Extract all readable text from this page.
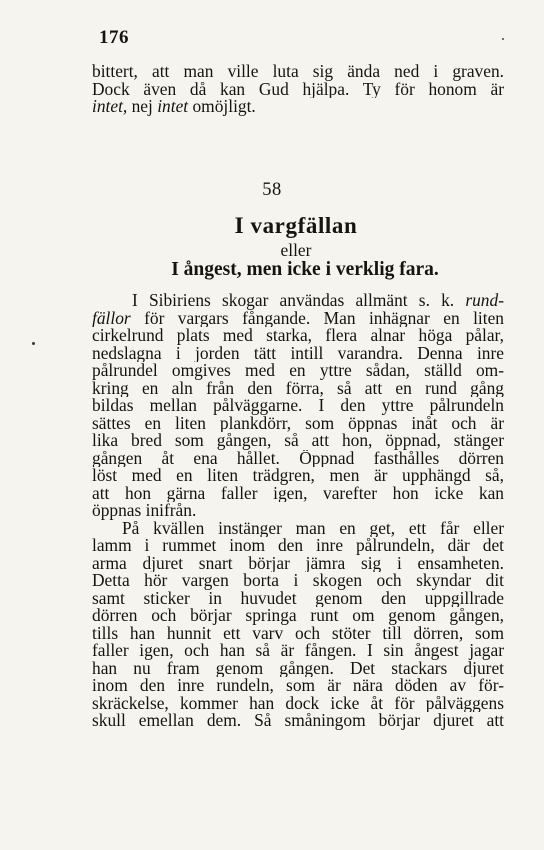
176
bittert, att man ville luta sig ända ned i graven.
Dock även då kan Gud hjälpa. Ty för honom är
intet, nej intet omöjligt.
58
I vargfällan
eller
I ångest, men icke i verklig fara.
I Sibiriens skogar användas allmänt s. k. rund-
fällor för vargars fångande. Man inhägnar en liten
cirkelrund plats med starka, flera alnar höga pålar,
nedslagna i jorden tätt intill varandra. Denna inre
pålrundel omgives med en yttre sådan, ställd om-
kring en aln från den förra, så att en rund gång
bildas mellan pålväggarne. I den yttre pålrundeln
sättes en liten plankdörr, som öppnas inåt och är
lika bred som gången, så att hon, öppnad, stänger
gången åt ena hållet. Öppnad fasthålles dörren
löst med en liten trädgren, men är upphängd så,
att hon gärna faller igen, varefter hon icke kan
öppnas inifrån.
På kvällen instänger man en get, ett får eller
lamm i rummet inom den inre pålrundeln, där det
arma djuret snart börjar jämra sig i ensamheten.
Detta hör vargen borta i skogen och skyndar dit
samt sticker in huvudet genom den uppgillrade
dörren och börjar springa runt om genom gången,
tills han hunnit ett varv och stöter till dörren, som
faller igen, och han så är fången. I sin ångest jagar
han nu fram genom gången. Det stackars djuret
inom den inre rundeln, som är nära döden av för-
skräckelse, kommer han dock icke åt för pålväggens
skull emellan dem. Så småningom börjar djuret att
